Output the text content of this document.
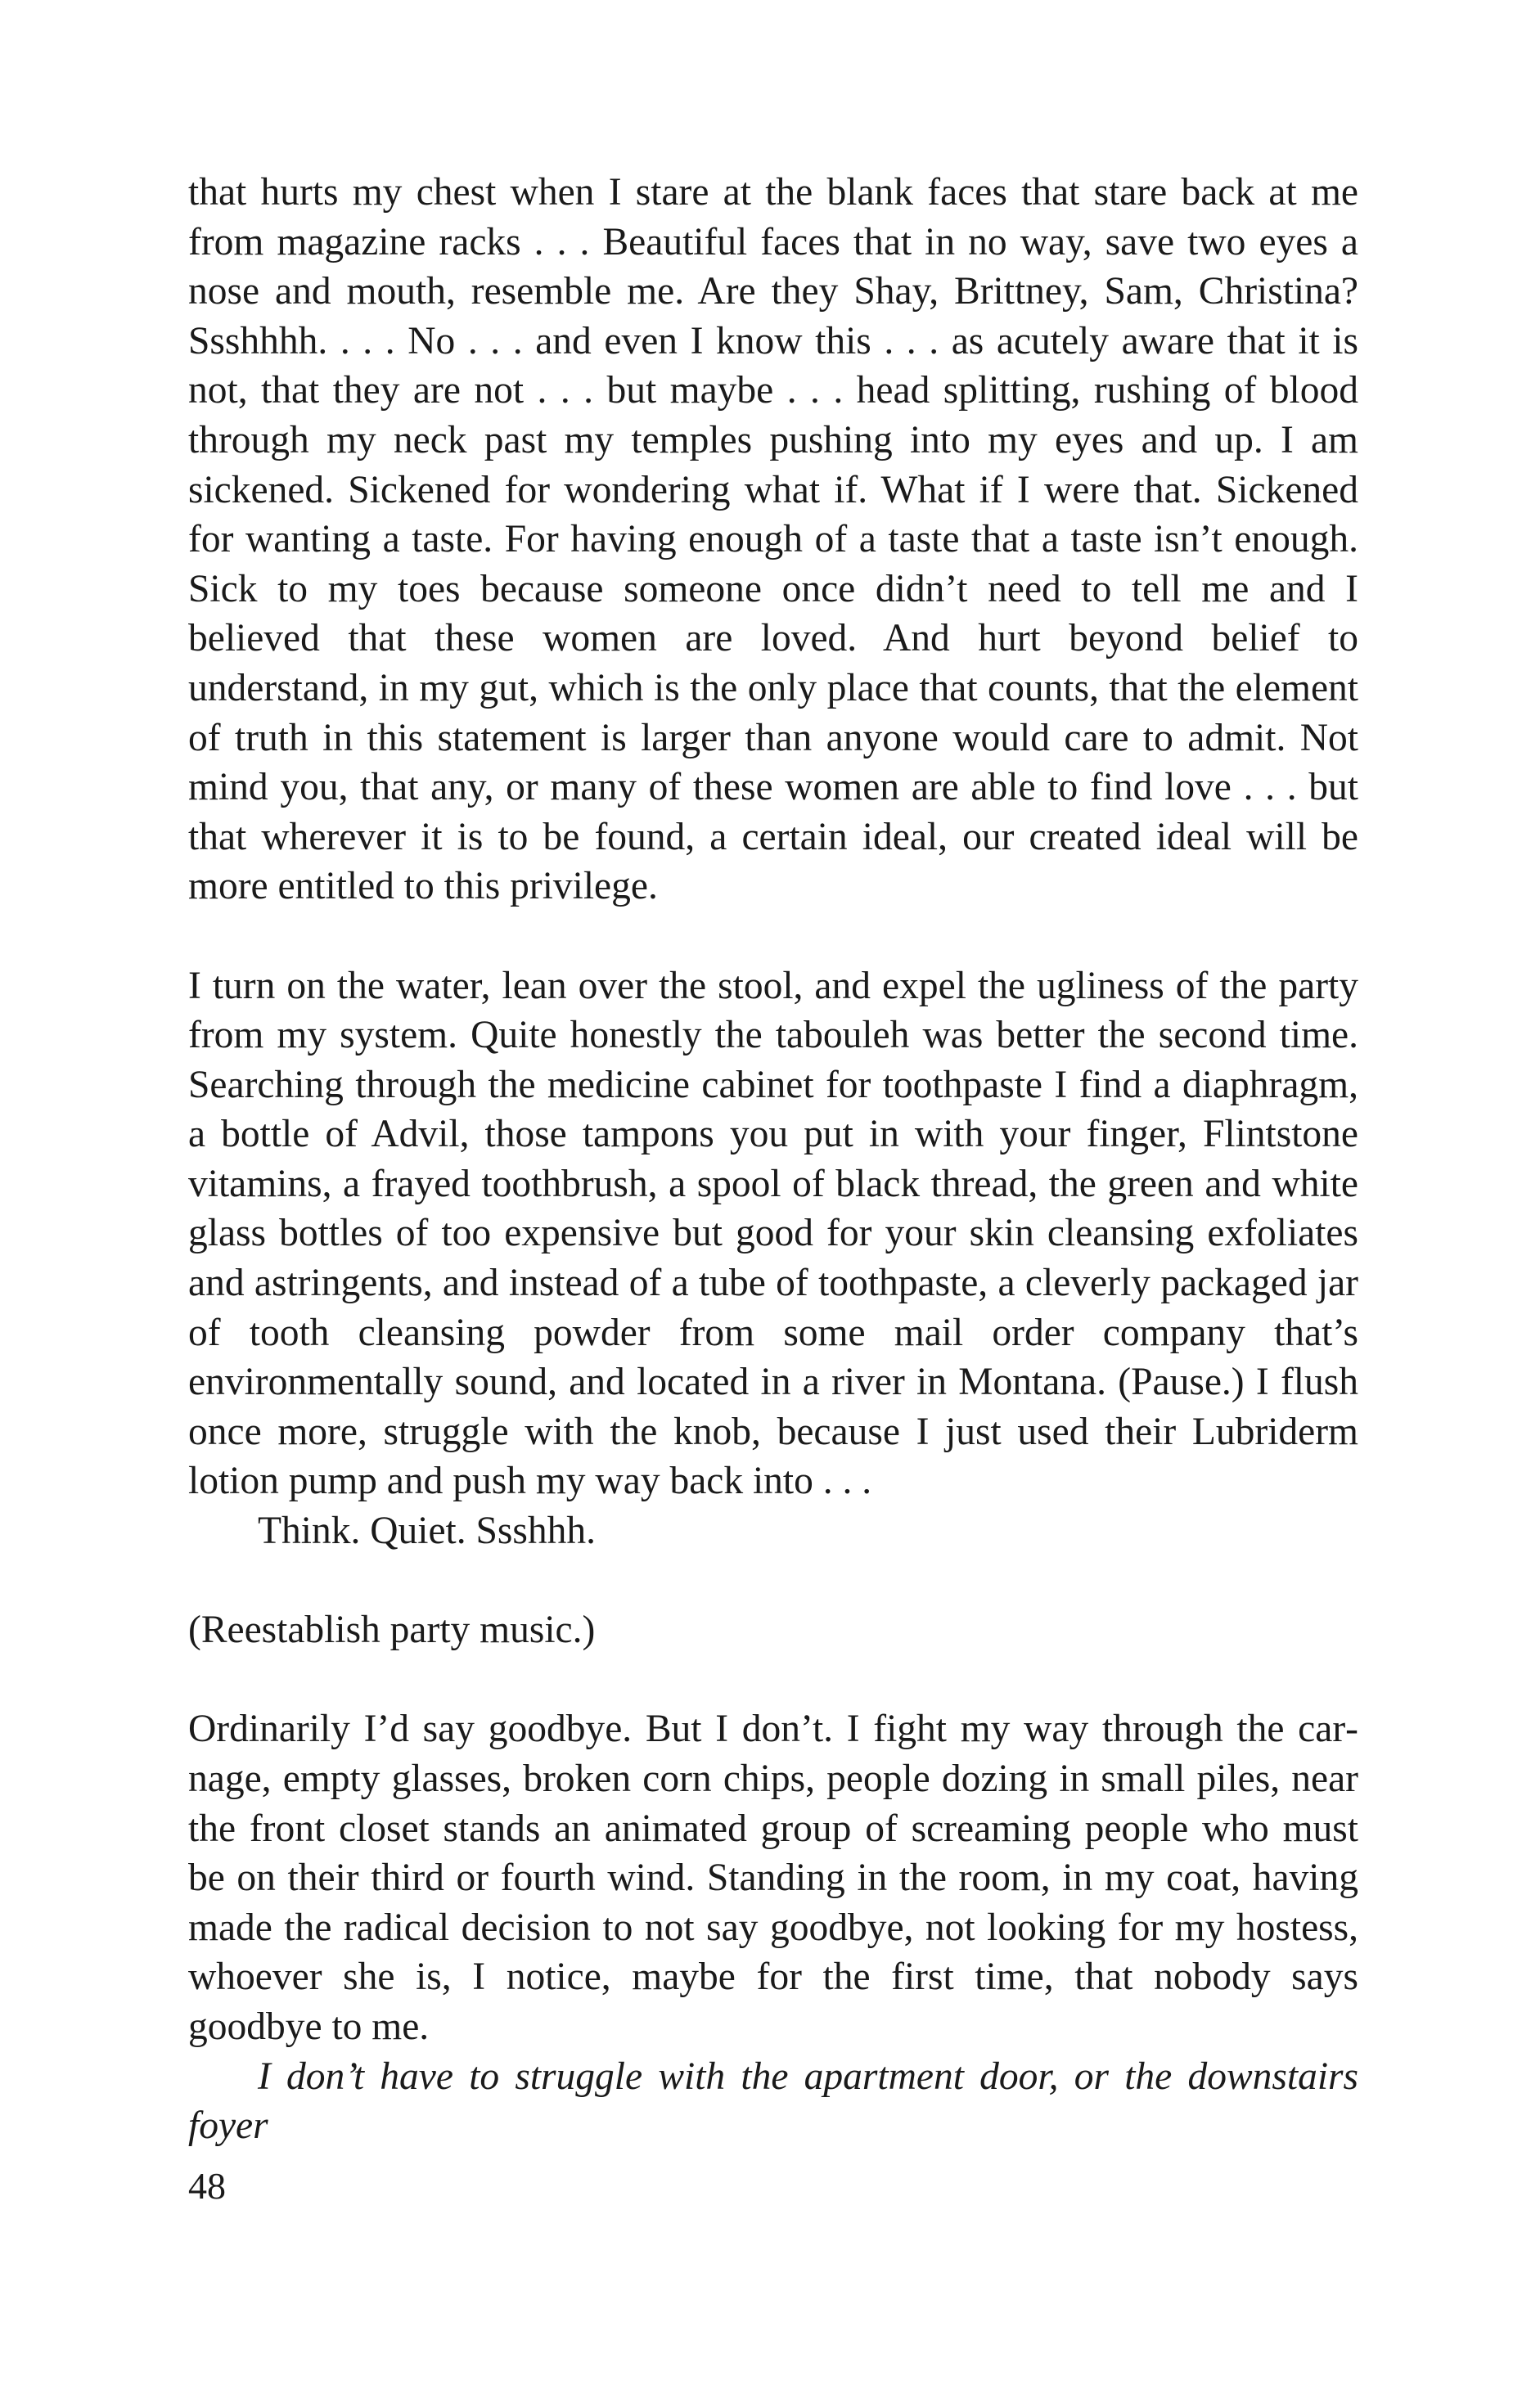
that hurts my chest when I stare at the blank faces that stare back at me from magazine racks . . . Beautiful faces that in no way, save two eyes a nose and mouth, resemble me. Are they Shay, Brittney, Sam, Christina? Ssshhhh. . . . No . . . and even I know this . . . as acutely aware that it is not, that they are not . . . but maybe . . . head splitting, rushing of blood through my neck past my temples pushing into my eyes and up. I am sickened. Sickened for wondering what if. What if I were that. Sickened for wanting a taste. For having enough of a taste that a taste isn’t enough. Sick to my toes because someone once didn’t need to tell me and I believed that these women are loved. And hurt beyond belief to understand, in my gut, which is the only place that counts, that the element of truth in this statement is larger than anyone would care to admit. Not mind you, that any, or many of these women are able to find love . . . but that wherever it is to be found, a certain ideal, our created ideal will be more entitled to this privilege.

I turn on the water, lean over the stool, and expel the ugliness of the party from my system. Quite honestly the tabouleh was better the second time. Searching through the medicine cabinet for toothpaste I find a diaphragm, a bottle of Advil, those tampons you put in with your finger, Flintstone vitamins, a frayed toothbrush, a spool of black thread, the green and white glass bottles of too expensive but good for your skin cleansing exfoliates and astringents, and instead of a tube of toothpaste, a cleverly packaged jar of tooth cleansing powder from some mail order company that’s environmentally sound, and located in a river in Montana. (Pause.) I flush once more, struggle with the knob, because I just used their Lubriderm lotion pump and push my way back into . . .

Think. Quiet. Ssshhh.

(Reestablish party music.)

Ordinarily I’d say goodbye. But I don’t. I fight my way through the carnage, empty glasses, broken corn chips, people dozing in small piles, near the front closet stands an animated group of screaming people who must be on their third or fourth wind. Standing in the room, in my coat, having made the radical decision to not say goodbye, not looking for my hostess, whoever she is, I notice, maybe for the first time, that nobody says goodbye to me.

I don’t have to struggle with the apartment door, or the downstairs foyer

48
